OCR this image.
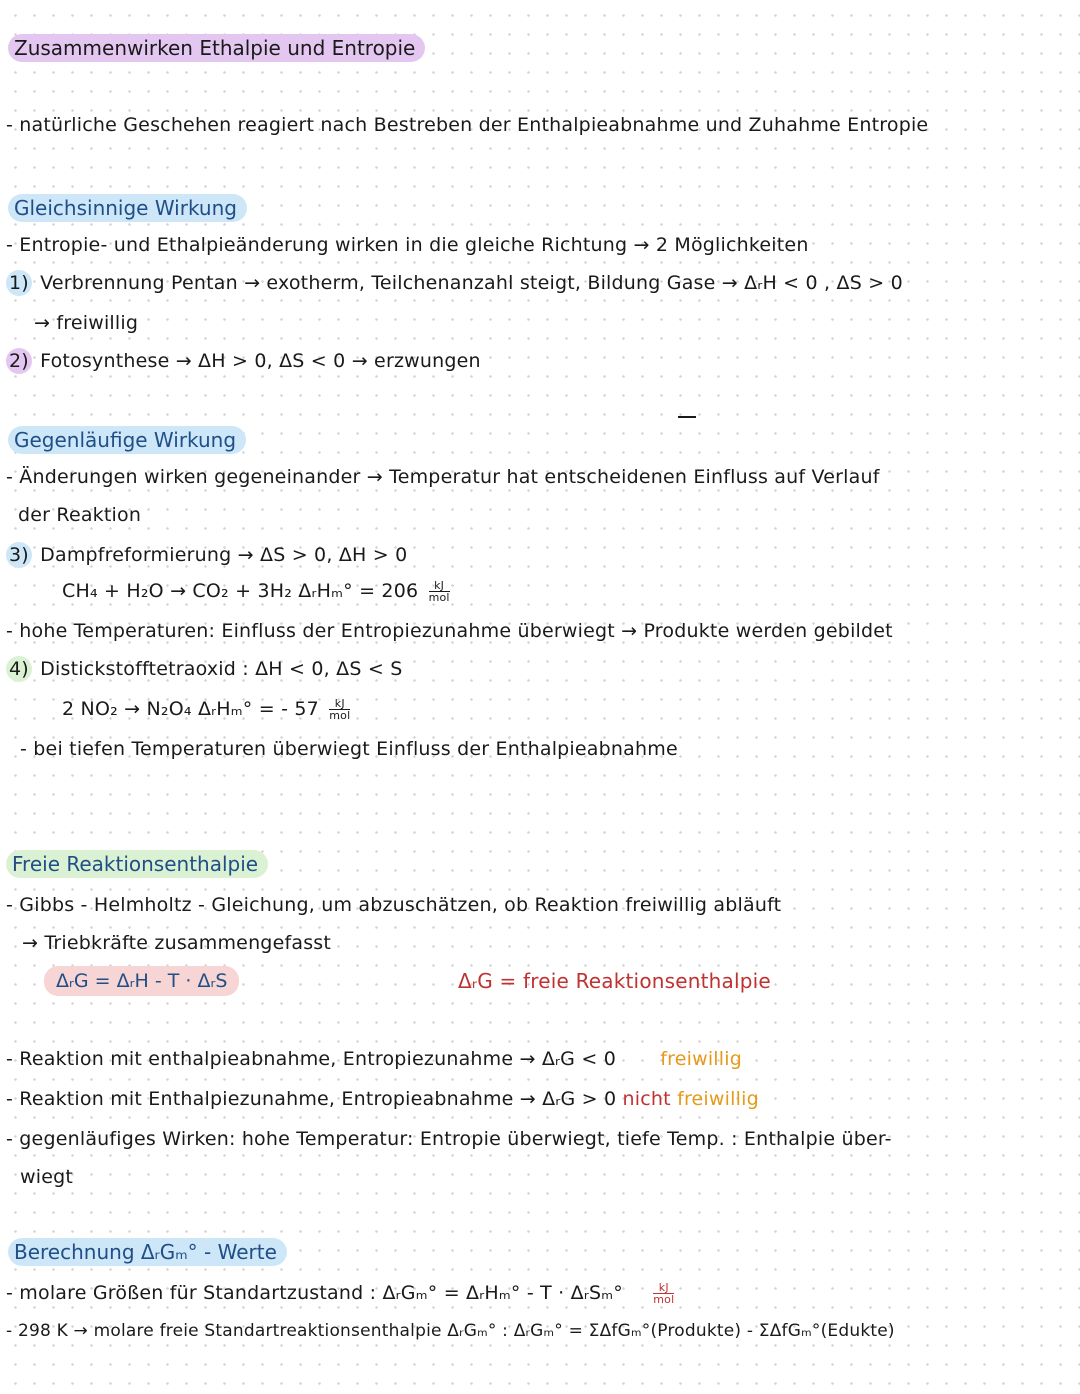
Zusammenwirken Ethalpie und Entropie
- natürliche Geschehen reagiert nach Bestreben der Enthalpieabnahme und Zuhahme Entropie
Gleichsinnige Wirkung
- Entropie- und Ethalpieänderung wirken in die gleiche Richtung → 2 Möglichkeiten
1) Verbrennung Pentan → exotherm, Teilchenanzahl steigt, Bildung Gase → ΔᵣH < 0 , ΔS > 0
→ freiwillig
2) Fotosynthese → ΔH > 0, ΔS < 0 → erzwungen
Gegenläufige Wirkung
- Änderungen wirken gegeneinander → Temperatur hat entscheidenen Einfluss auf Verlauf
der Reaktion
3) Dampfreformierung → ΔS > 0, ΔH > 0
CH₄ + H₂O → CO₂ + 3H₂ ΔᵣHₘ° = $206 \frac{kJ}{\text{mol}}$
- hohe Temperaturen: Einfluss der Entropiezunahme überwiegt → Produkte werden gebildet
4) Distickstofftetraoxid : ΔH < 0, ΔS < S
2 NO₂ → N₂O₄ ΔᵣHₘ° = - $57 \frac{kJ}{\text{mol}}$
- bei tiefen Temperaturen überwiegt Einfluss der Enthalpieabnahme
Freie Reaktionsenthalpie
- Gibbs - Helmholtz - Gleichung, um abzuschätzen, ob Reaktion freiwillig abläuft
→ Triebkräfte zusammengefasst
ΔᵣG = ΔᵣH - T · ΔᵣS	ΔᵣG = freie Reaktionsenthalpie
- Reaktion mit enthalpieabnahme, Entropiezunahme → ΔᵣG < 0 freiwillig
- Reaktion mit Enthalpiezunahme, Entropieabnahme → ΔᵣG > 0 nicht freiwillig
- gegenläufiges Wirken: hohe Temperatur: Entropie überwiegt, tiefe Temp. : Enthalpie über-
wiegt
Berechnung ΔᵣGₘ° - Werte
- molare Größen für Standartzustand : ΔᵣGₘ° = ΔᵣHₘ° - T · ΔᵣSₘ°	$\frac{kJ}{\text{mol}}$
- 298 K → molare freie Standartreaktionsenthalpie ΔᵣGₘ° : ΔᵣGₘ° = ΣΔfGₘ°(Produkte) - ΣΔfGₘ°(Edukte)
